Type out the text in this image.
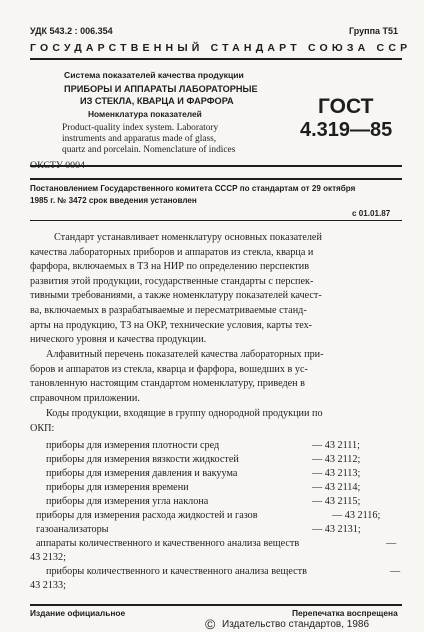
УДК 543.2 : 006.354	Группа Т51
ГОСУДАРСТВЕННЫЙ СТАНДАРТ СОЮЗА ССР
Система показателей качества продукции
ПРИБОРЫ И АППАРАТЫ ЛАБОРАТОРНЫЕ
ИЗ СТЕКЛА, КВАРЦА И ФАРФОРА
Номенклатура показателей
Product-quality index system. Laboratory
instruments and apparatus made of glass,
quartz and porcelain. Nomenclature of indices
ГОСТ
4.319—85
ОКСТУ 0004
Постановлением Государственного комитета СССР по стандартам от 29 октября
1985 г. № 3472 срок введения установлен
с 01.01.87
Стандарт устанавливает номенклатуру основных показателей
качества лабораторных приборов и аппаратов из стекла, кварца и
фарфора, включаемых в ТЗ на НИР по определению перспектив
развития этой продукции, государственные стандарты с перспек-
тивными требованиями, а также номенклатуру показателей качест-
ва, включаемых в разрабатываемые и пересматриваемые станд-
арты на продукцию, ТЗ на ОКР, технические условия, карты тех-
нического уровня и качества продукции.
Алфавитный перечень показателей качества лабораторных при-
боров и аппаратов из стекла, кварца и фарфора, вошедших в ус-
тановленную настоящим стандартом номенклатуру, приведен в
справочном приложении.
Коды продукции, входящие в группу однородной продукции по
ОКП:
приборы для измерения плотности сред	— 43 2111;
приборы для измерения вязкости жидкостей	— 43 2112;
приборы для измерения давления и вакуума	— 43 2113;
приборы для измерения времени	— 43 2114;
приборы для измерения угла наклона	— 43 2115;
приборы для измерения расхода жидкостей и газов	— 43 2116;
газоанализаторы	— 43 2131;
аппараты количественного и качественного анализа веществ	—
43 2132;
приборы количественного и качественного анализа веществ	—
43 2133;
Издание официальное	Перепечатка воспрещена
© Издательство стандартов, 1986
